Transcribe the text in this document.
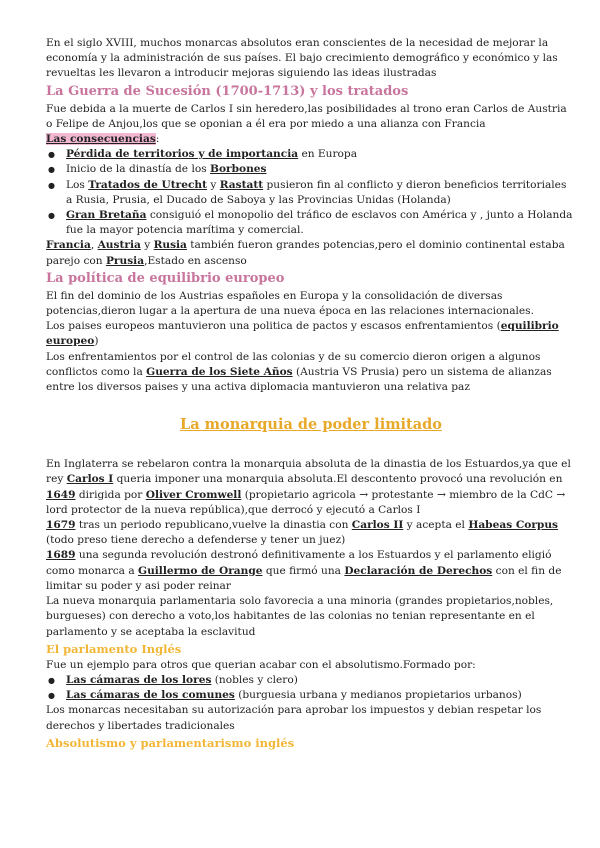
En el siglo XVIII, muchos monarcas absolutos eran conscientes de la necesidad de mejorar la economía y la administración de sus países. El bajo crecimiento demográfico y económico y las revueltas les llevaron a introducir mejoras siguiendo las ideas ilustradas

La Guerra de Sucesión (1700-1713) y los tratados

Fue debida a la muerte de Carlos I sin heredero,las posibilidades al trono eran Carlos de Austria o Felipe de Anjou,los que se oponian a él era por miedo a una alianza con Francia

Las consecuencias:

● Pérdida de territorios y de importancia en Europa
● Inicio de la dinastía de los Borbones
● Los Tratados de Utrecht y Rastatt pusieron fin al conflicto y dieron beneficios territoriales a Rusia, Prusia, el Ducado de Saboya y las Provincias Unidas (Holanda)
● Gran Bretaña consiguió el monopolio del tráfico de esclavos con América y , junto a Holanda fue la mayor potencia marítima y comercial.

Francia, Austria y Rusia también fueron grandes potencias,pero el dominio continental estaba parejo con Prusia,Estado en ascenso

La política de equilibrio europeo

El fin del dominio de los Austrias españoles en Europa y la consolidación de diversas potencias,dieron lugar a la apertura de una nueva época en las relaciones internacionales.

Los paises europeos mantuvieron una politica de pactos y escasos enfrentamientos (equilibrio europeo)

Los enfrentamientos por el control de las colonias y de su comercio dieron origen a algunos conflictos como la Guerra de los Siete Años (Austria VS Prusia) pero un sistema de alianzas entre los diversos paises y una activa diplomacia mantuvieron una relativa paz

La monarquia de poder limitado

En Inglaterra se rebelaron contra la monarquia absoluta de la dinastia de los Estuardos,ya que el rey Carlos I queria imponer una monarquia absoluta.El descontento provocó una revolución en 1649 dirigida por Oliver Cromwell (propietario agricola → protestante → miembro de la CdC → lord protector de la nueva república),que derrocó y ejecutó a Carlos I

1679 tras un periodo republicano,vuelve la dinastia con Carlos II y acepta el Habeas Corpus (todo preso tiene derecho a defenderse y tener un juez)

1689 una segunda revolución destronó definitivamente a los Estuardos y el parlamento eligió como monarca a Guillermo de Orange que firmó una Declaración de Derechos con el fin de limitar su poder y asi poder reinar

La nueva monarquia parlamentaria solo favorecia a una minoria (grandes propietarios,nobles, burgueses) con derecho a voto,los habitantes de las colonias no tenian representante en el parlamento y se aceptaba la esclavitud

El parlamento Inglés

Fue un ejemplo para otros que querian acabar con el absolutismo.Formado por:

● Las cámaras de los lores (nobles y clero)
● Las cámaras de los comunes (burguesia urbana y medianos propietarios urbanos)

Los monarcas necesitaban su autorización para aprobar los impuestos y debian respetar los derechos y libertades tradicionales

Absolutismo y parlamentarismo inglés
